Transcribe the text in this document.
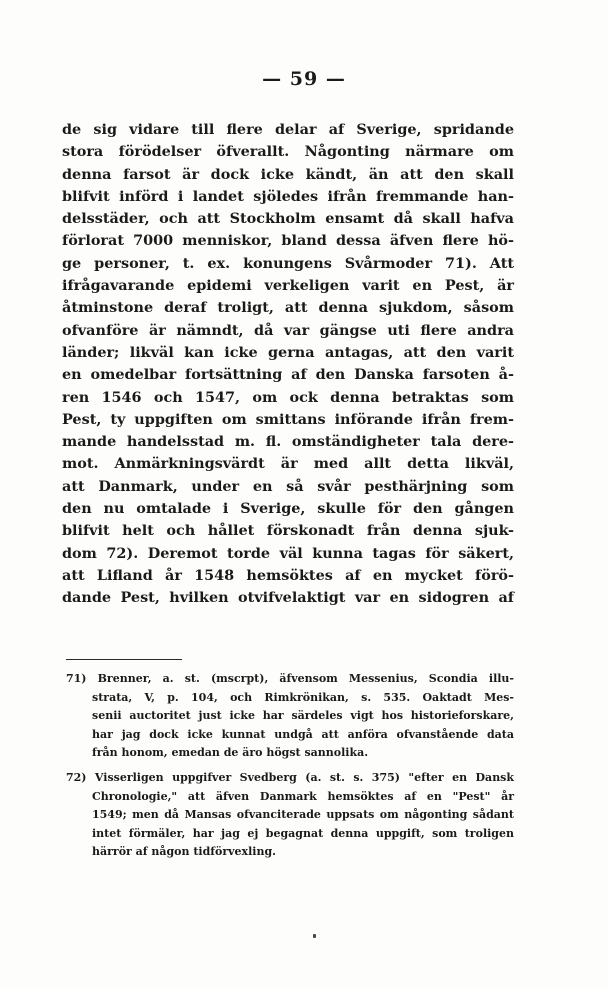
— 59 —
de sig vidare till flere delar af Sverige, spridande
stora förödelser öfverallt. Någonting närmare om
denna farsot är dock icke kändt, än att den skall
blifvit införd i landet sjöledes ifrån fremmande han-
delsstäder, och att Stockholm ensamt då skall hafva
förlorat 7000 menniskor, bland dessa äfven flere hö-
ge personer, t. ex. konungens Svårmoder 71). Att
ifrågavarande epidemi verkeligen varit en Pest, är
åtminstone deraf troligt, att denna sjukdom, såsom
ofvanföre är nämndt, då var gängse uti flere andra
länder; likväl kan icke gerna antagas, att den varit
en omedelbar fortsättning af den Danska farsoten å-
ren 1546 och 1547, om ock denna betraktas som
Pest, ty uppgiften om smittans införande ifrån frem-
mande handelsstad m. fl. omständigheter tala dere-
mot. Anmärkningsvärdt är med allt detta likväl,
att Danmark, under en så svår pesthärjning som
den nu omtalade i Sverige, skulle för den gången
blifvit helt och hållet förskonadt från denna sjuk-
dom 72). Deremot torde väl kunna tagas för säkert,
att Lifland år 1548 hemsöktes af en mycket förö-
dande Pest, hvilken otvifvelaktigt var en sidogren af
71) Brenner, a. st. (mscrpt), äfvensom Messenius, Scondia illu-
strata, V, p. 104, och Rimkrönikan, s. 535. Oaktadt Mes-
senii auctoritet just icke har särdeles vigt hos historieforskare,
har jag dock icke kunnat undgå att anföra ofvanstående data
från honom, emedan de äro högst sannolika.
72) Visserligen uppgifver Svedberg (a. st. s. 375) "efter en Dansk
Chronologie," att äfven Danmark hemsöktes af en "Pest" år
1549; men då Mansas ofvanciterade uppsats om någonting sådant
intet förmäler, har jag ej begagnat denna uppgift, som troligen
härrör af någon tidförvexling.
